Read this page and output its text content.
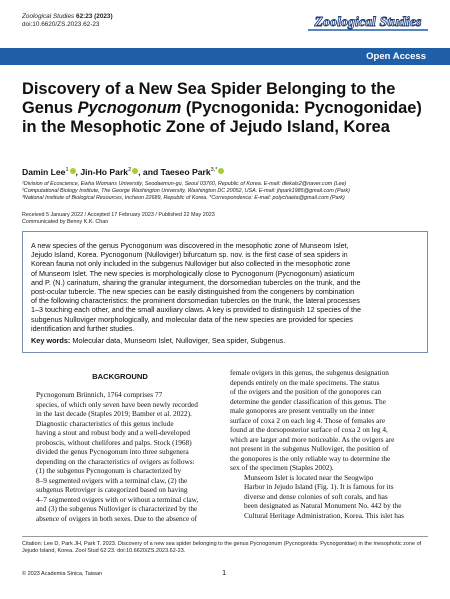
Zoological Studies 62:23 (2023)
doi:10.6620/ZS.2023.62-23	Zoological Studies
Open Access
Discovery of a New Sea Spider Belonging to the Genus Pycnogonum (Pycnogonida: Pycnogonidae) in the Mesophotic Zone of Jejudo Island, Korea
Damin Lee$^1$ , Jin-Ho Park$^2$ , and Taeseo Park$^{3,*}$
¹Division of Ecoscience, Ewha Womans University, Seodaemun-gu, Seoul 03760, Republic of Korea. E-mail: dlekals2@naver.com (Lee)
²Computational Biology Institute, The George Washington University, Washington DC 20052, USA. E-mail: jhpark1985@gmail.com (Park)
³National Institute of Biological Resources, Incheon 22689, Republic of Korea. *Correspondence: E-mail: polychaeta@gmail.com (Park)
Received 5 January 2022 / Accepted 17 February 2023 / Published 22 May 2023
Communicated by Benny K.K. Chan
A new species of the genus Pycnogonum was discovered in the mesophotic zone of Munseom Islet,
Jejudo Island, Korea. Pycnogonum (Nulloviger) bifurcatum sp. nov. is the first case of sea spiders in
Korean fauna not only included in the subgenus Nulloviger but also collected in the mesophotic zone
of Munseom Islet. The new species is morphologically close to Pycnogonum (Pycnogonum) asiaticum
and P. (N.) carinatum, sharing the granular integument, the dorsomedian tubercles on the trunk, and the
post-ocular tubercle. The new species can be easily distinguished from the congeners by combination
of the following characteristics: the prominent dorsomedian tubercles on the trunk, the lateral processes
1–3 touching each other, and the small auxiliary claws. A key is provided to distinguish 12 species of the
subgenus Nulloviger morphologically, and molecular data of the new species are provided for species
identification and further studies.
Key words: Molecular data, Munseom Islet, Nulloviger, Sea spider, Subgenus.
BACKGROUND
Pycnogonum Brünnich, 1764 comprises 77
species, of which only seven have been newly recorded
in the last decade (Staples 2019; Bamber et al. 2022).
Diagnostic characteristics of this genus include
having a stout and robust body and a well-developed
proboscis, without chelifores and palps. Stock (1968)
divided the genus Pycnogonum into three subgenera
depending on the characteristics of ovigers as follows:
(1) the subgenus Pycnogonum is characterized by
8–9 segmented ovigers with a terminal claw, (2) the
subgenus Retroviger is categorized based on having
4–7 segmented ovigers with or without a terminal claw,
and (3) the subgenus Nulloviger is characterized by the
absence of ovigers in both sexes. Due to the absence of
female ovigers in this genus, the subgenus designation
depends entirely on the male specimens. The status
of the ovigers and the position of the gonopores can
determine the gender classification of this genus. The
male gonopores are present ventrally on the inner
surface of coxa 2 on each leg 4. Those of females are
found at the dorsoposterior surface of coxa 2 on leg 4,
which are larger and more noticeable. As the ovigers are
not present in the subgenus Nulloviger, the position of
the gonopores is the only reliable way to determine the
sex of the specimen (Staples 2002).
Munseom Islet is located near the Seogwipo
Harbor in Jejudo Island (Fig. 1). It is famous for its
diverse and dense colonies of soft corals, and has
been designated as Natural Monument No. 442 by the
Cultural Heritage Administration, Korea. This islet has
Citation: Lee D, Park JH, Park T. 2023. Discovery of a new sea spider belonging to the genus Pycnogonum (Pycnogonida: Pycnogonidae) in the mesophotic zone of Jejudo Island, Korea. Zool Stud 62:23. doi:10.6620/ZS.2023.62-23.
© 2023 Academia Sinica, Taiwan	1
